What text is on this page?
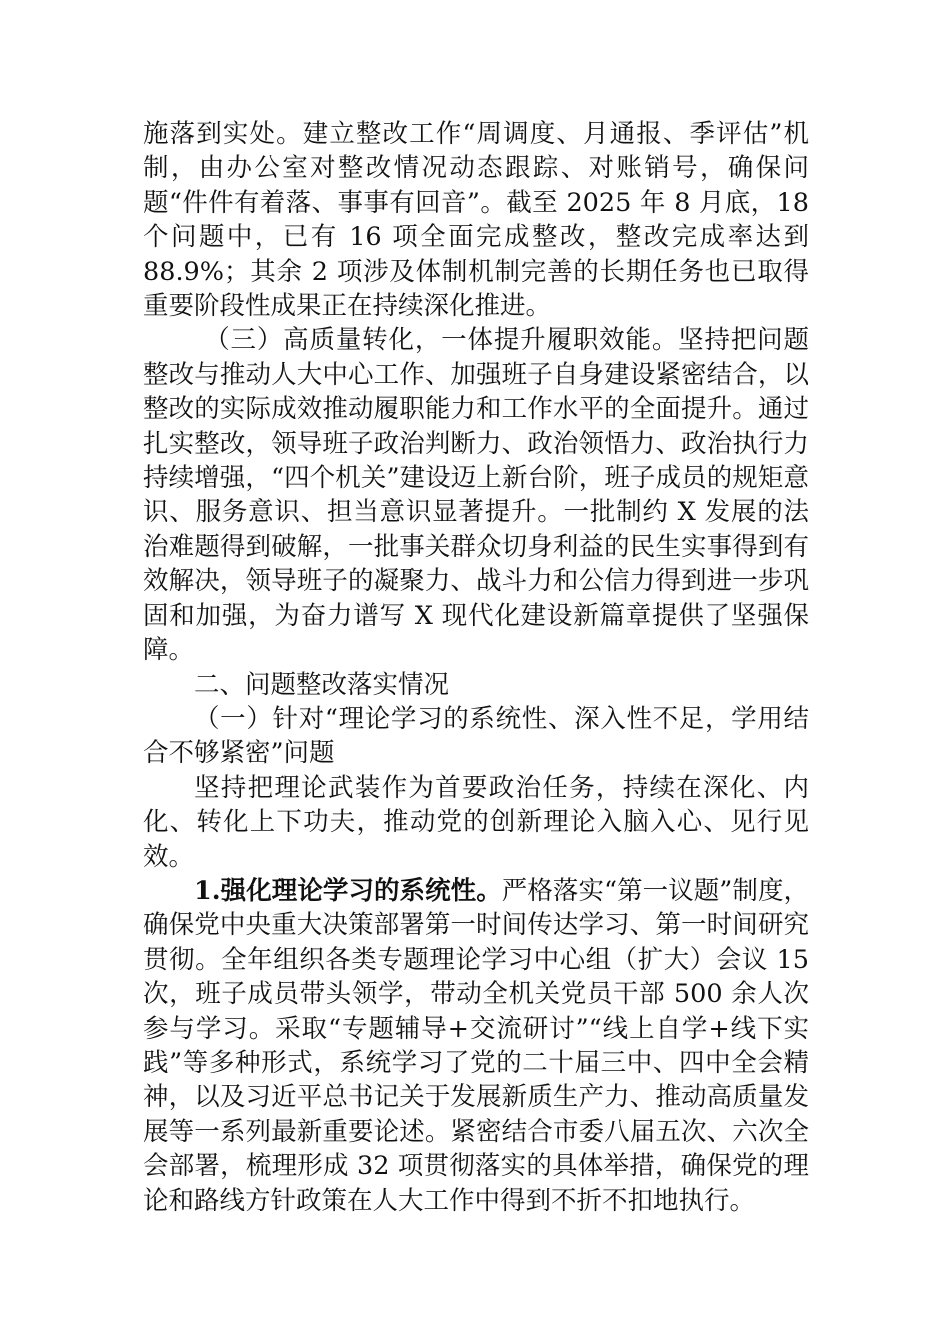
施落到实处。建立整改工作“周调度、月通报、季评估”机制，由办公室对整改情况动态跟踪、对账销号，确保问题“件件有着落、事事有回音”。截至 2025 年 8 月底，18 个问题中，已有 16 项全面完成整改，整改完成率达到 88.9%；其余 2 项涉及体制机制完善的长期任务也已取得重要阶段性成果正在持续深化推进。

（三）高质量转化，一体提升履职效能。坚持把问题整改与推动人大中心工作、加强班子自身建设紧密结合，以整改的实际成效推动履职能力和工作水平的全面提升。通过扎实整改，领导班子政治判断力、政治领悟力、政治执行力持续增强，“四个机关”建设迈上新台阶，班子成员的规矩意识、服务意识、担当意识显著提升。一批制约 X 发展的法治难题得到破解，一批事关群众切身利益的民生实事得到有效解决，领导班子的凝聚力、战斗力和公信力得到进一步巩固和加强，为奋力谱写 X 现代化建设新篇章提供了坚强保障。

二、问题整改落实情况

（一）针对“理论学习的系统性、深入性不足，学用结合不够紧密”问题

坚持把理论武装作为首要政治任务，持续在深化、内化、转化上下功夫，推动党的创新理论入脑入心、见行见效。

1.强化理论学习的系统性。严格落实“第一议题”制度，确保党中央重大决策部署第一时间传达学习、第一时间研究贯彻。全年组织各类专题理论学习中心组（扩大）会议 15 次，班子成员带头领学，带动全机关党员干部 500 余人次参与学习。采取“专题辅导+交流研讨”“线上自学+线下实践”等多种形式，系统学习了党的二十届三中、四中全会精神，以及习近平总书记关于发展新质生产力、推动高质量发展等一系列最新重要论述。紧密结合市委八届五次、六次全会部署，梳理形成 32 项贯彻落实的具体举措，确保党的理论和路线方针政策在人大工作中得到不折不扣地执行。
